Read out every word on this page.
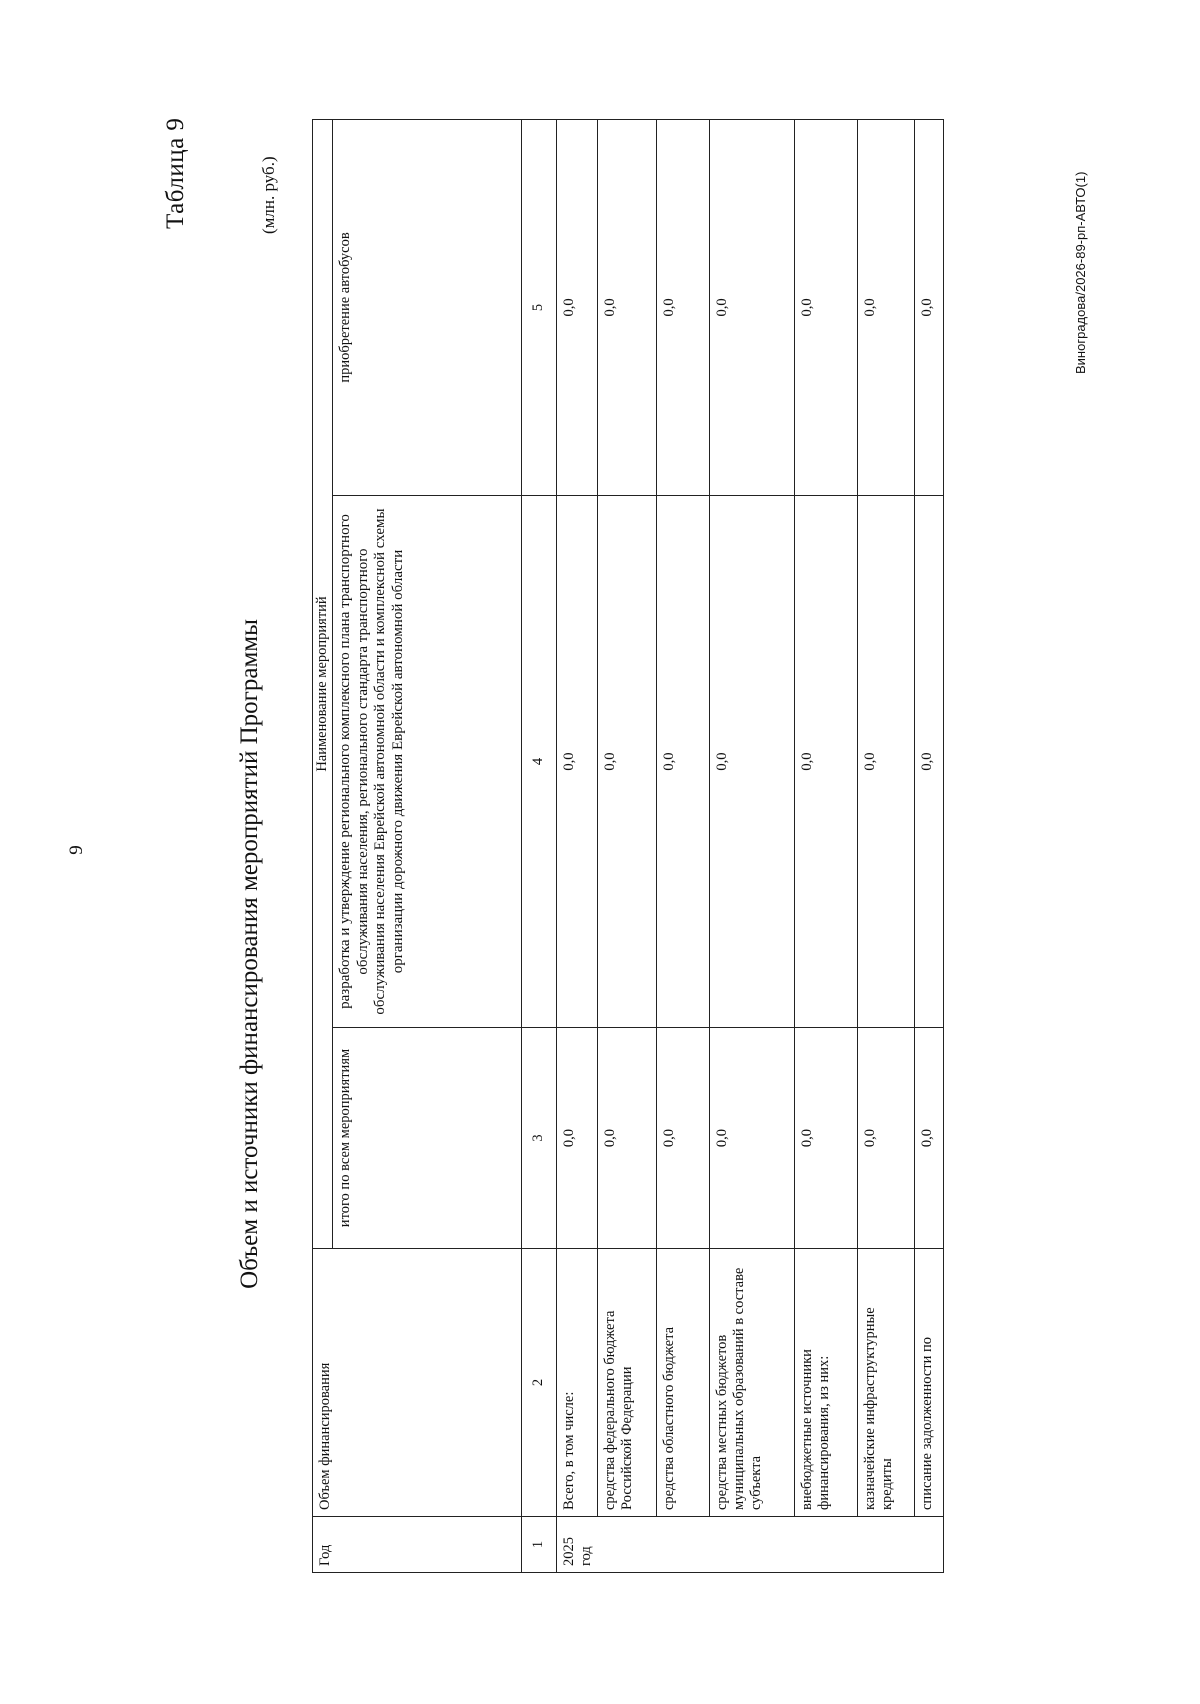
9
Таблица 9
Объем и источники финансирования мероприятий Программы
(млн. руб.)
Год	Объем финансирования	Наименование мероприятий		
		итого по всем мероприятиям	разработка и утверждение регионального комплексного плана транспортного обслуживания населения, регионального стандарта транспортного обслуживания населения Еврейской автономной области и комплексной схемы организации дорожного движения Еврейской автономной области	приобретение автобусов
1	2	3	4	5
2025 год	Всего, в том числе:	0,0	0,0	0,0
	средства федерального бюджета Российской Федерации	0,0	0,0	0,0
	средства областного бюджета	0,0	0,0	0,0
	средства местных бюджетов муниципальных образований в составе субъекта	0,0	0,0	0,0
	внебюджетные источники финансирования, из них:	0,0	0,0	0,0
	казначейские инфраструктурные кредиты	0,0	0,0	0,0
	списание задолженности по	0,0	0,0	0,0	Виноградова/2026-89-рп-АВТО(1)
